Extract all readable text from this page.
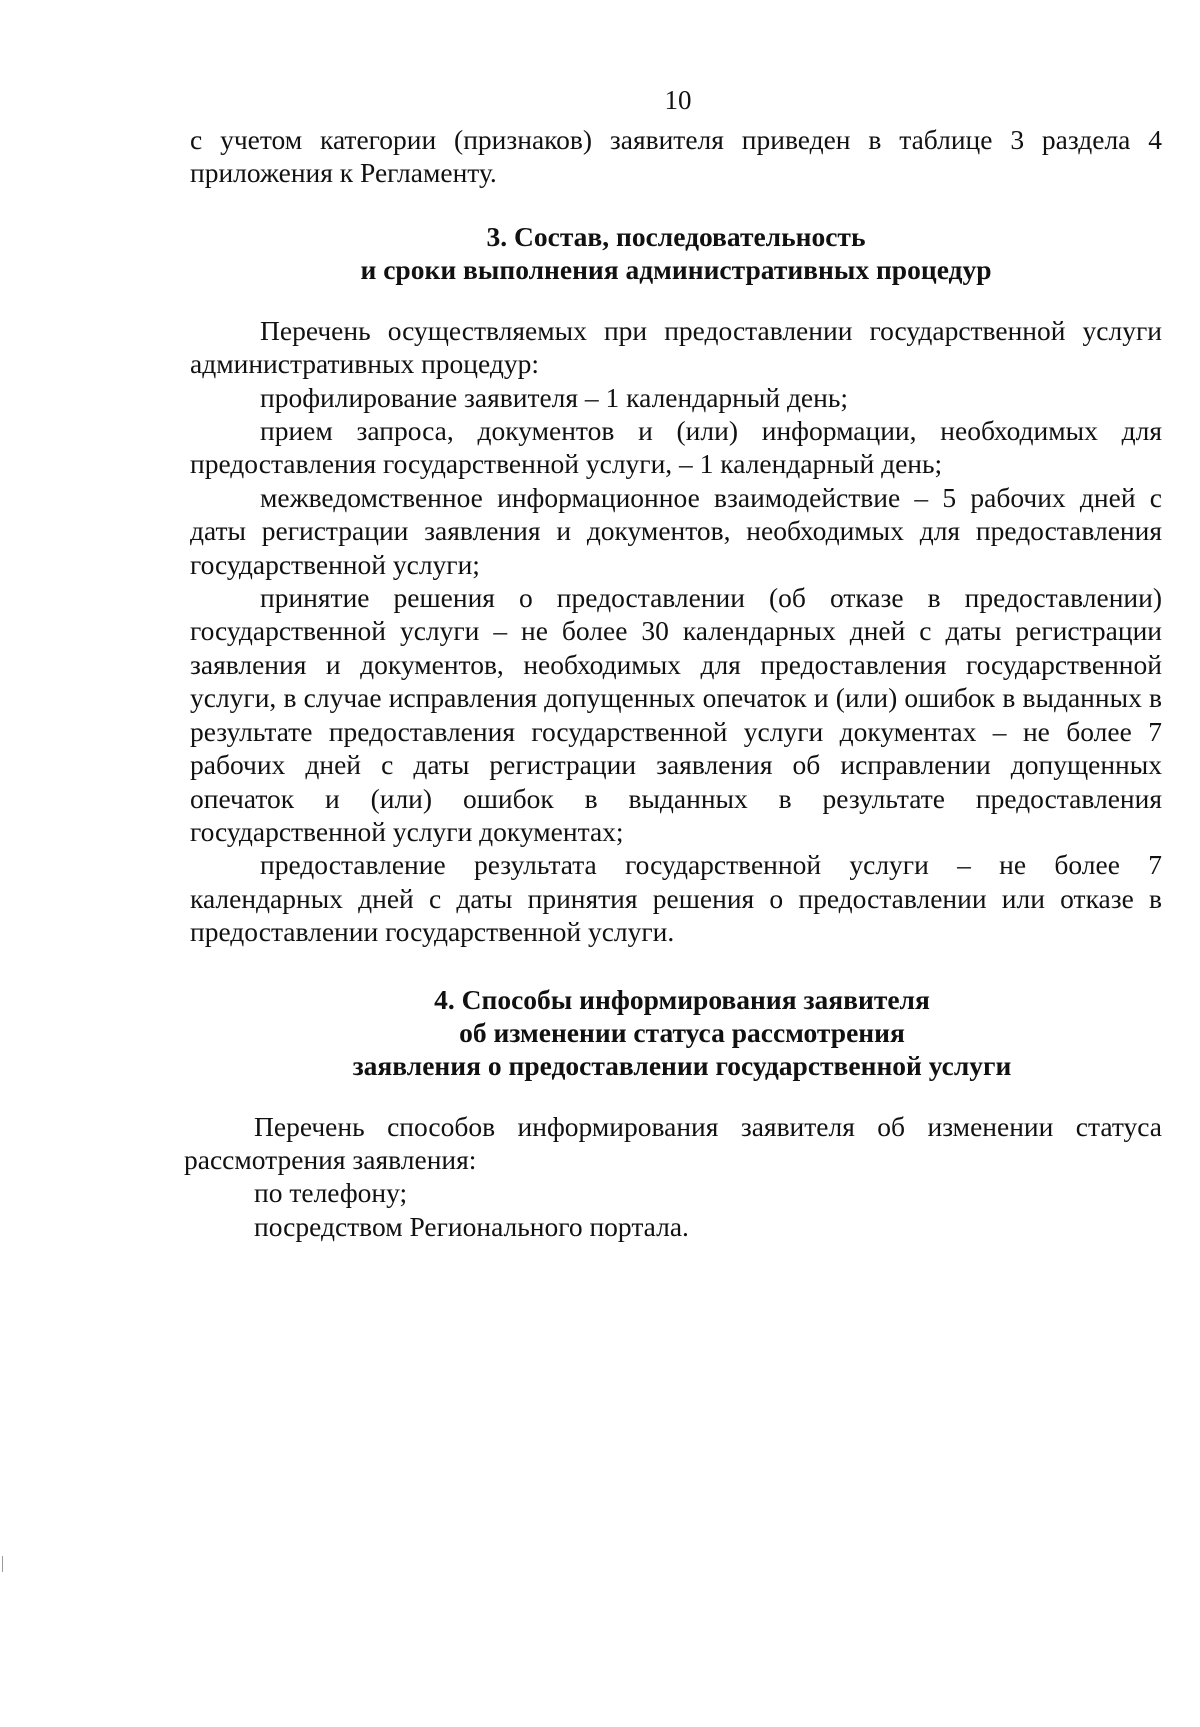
10

с учетом категории (признаков) заявителя приведен в таблице 3 раздела 4 приложения к Регламенту.

3. Состав, последовательность
и сроки выполнения административных процедур

Перечень осуществляемых при предоставлении государственной услуги административных процедур:

профилирование заявителя – 1 календарный день;

прием запроса, документов и (или) информации, необходимых для предоставления государственной услуги, – 1 календарный день;

межведомственное информационное взаимодействие – 5 рабочих дней с даты регистрации заявления и документов, необходимых для предоставления государственной услуги;

принятие решения о предоставлении (об отказе в предоставлении) государственной услуги – не более 30 календарных дней с даты регистрации заявления и документов, необходимых для предоставления государственной услуги, в случае исправления допущенных опечаток и (или) ошибок в выданных в результате предоставления государственной услуги документах – не более 7 рабочих дней с даты регистрации заявления об исправлении допущенных опечаток и (или) ошибок в выданных в результате предоставления государственной услуги документах;

предоставление результата государственной услуги – не более 7 календарных дней с даты принятия решения о предоставлении или отказе в предоставлении государственной услуги.

4. Способы информирования заявителя
об изменении статуса рассмотрения
заявления о предоставлении государственной услуги

Перечень способов информирования заявителя об изменении статуса рассмотрения заявления:

по телефону;

посредством Регионального портала.
